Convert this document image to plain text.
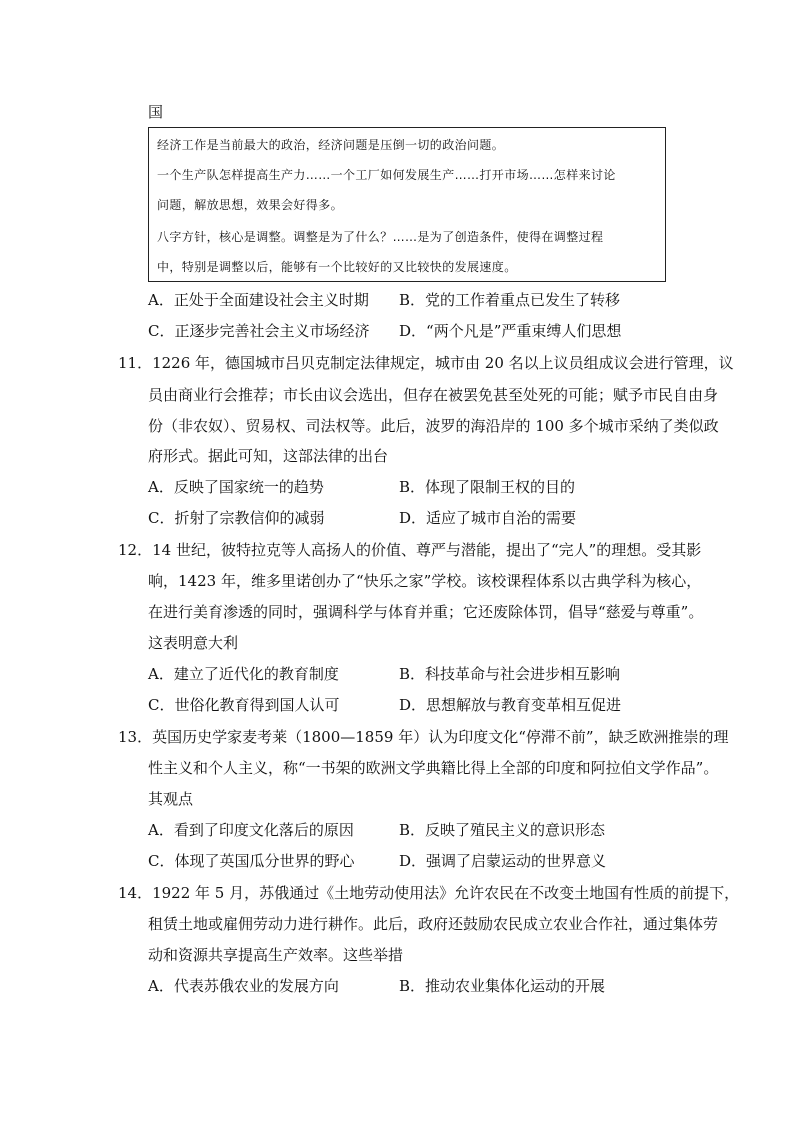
国
经济工作是当前最大的政治，经济问题是压倒一切的政治问题。
一个生产队怎样提高生产力……一个工厂如何发展生产……打开市场……怎样来讨论
问题，解放思想，效果会好得多。
八字方针，核心是调整。调整是为了什么？……是为了创造条件，使得在调整过程
中，特别是调整以后，能够有一个比较好的又比较快的发展速度。
A．正处于全面建设社会主义时期 B．党的工作着重点已发生了转移
C．正逐步完善社会主义市场经济 D．“两个凡是”严重束缚人们思想
11．1226 年，德国城市吕贝克制定法律规定，城市由 20 名以上议员组成议会进行管理，议
员由商业行会推荐；市长由议会选出，但存在被罢免甚至处死的可能；赋予市民自由身
份（非农奴）、贸易权、司法权等。此后，波罗的海沿岸的 100 多个城市采纳了类似政
府形式。据此可知，这部法律的出台
A．反映了国家统一的趋势	B．体现了限制王权的目的
C．折射了宗教信仰的减弱	D．适应了城市自治的需要
12．14 世纪，彼特拉克等人高扬人的价值、尊严与潜能，提出了“完人”的理想。受其影
响，1423 年，维多里诺创办了“快乐之家”学校。该校课程体系以古典学科为核心，
在进行美育渗透的同时，强调科学与体育并重；它还废除体罚，倡导“慈爱与尊重”。
这表明意大利
A．建立了近代化的教育制度	B．科技革命与社会进步相互影响
C．世俗化教育得到国人认可	D．思想解放与教育变革相互促进
13．英国历史学家麦考莱（1800—1859 年）认为印度文化“停滞不前”，缺乏欧洲推崇的理
性主义和个人主义，称“一书架的欧洲文学典籍比得上全部的印度和阿拉伯文学作品”。
其观点
A．看到了印度文化落后的原因	B．反映了殖民主义的意识形态
C．体现了英国瓜分世界的野心	D．强调了启蒙运动的世界意义
14．1922 年 5 月，苏俄通过《土地劳动使用法》允许农民在不改变土地国有性质的前提下，
租赁土地或雇佣劳动力进行耕作。此后，政府还鼓励农民成立农业合作社，通过集体劳
动和资源共享提高生产效率。这些举措
A．代表苏俄农业的发展方向	B．推动农业集体化运动的开展
